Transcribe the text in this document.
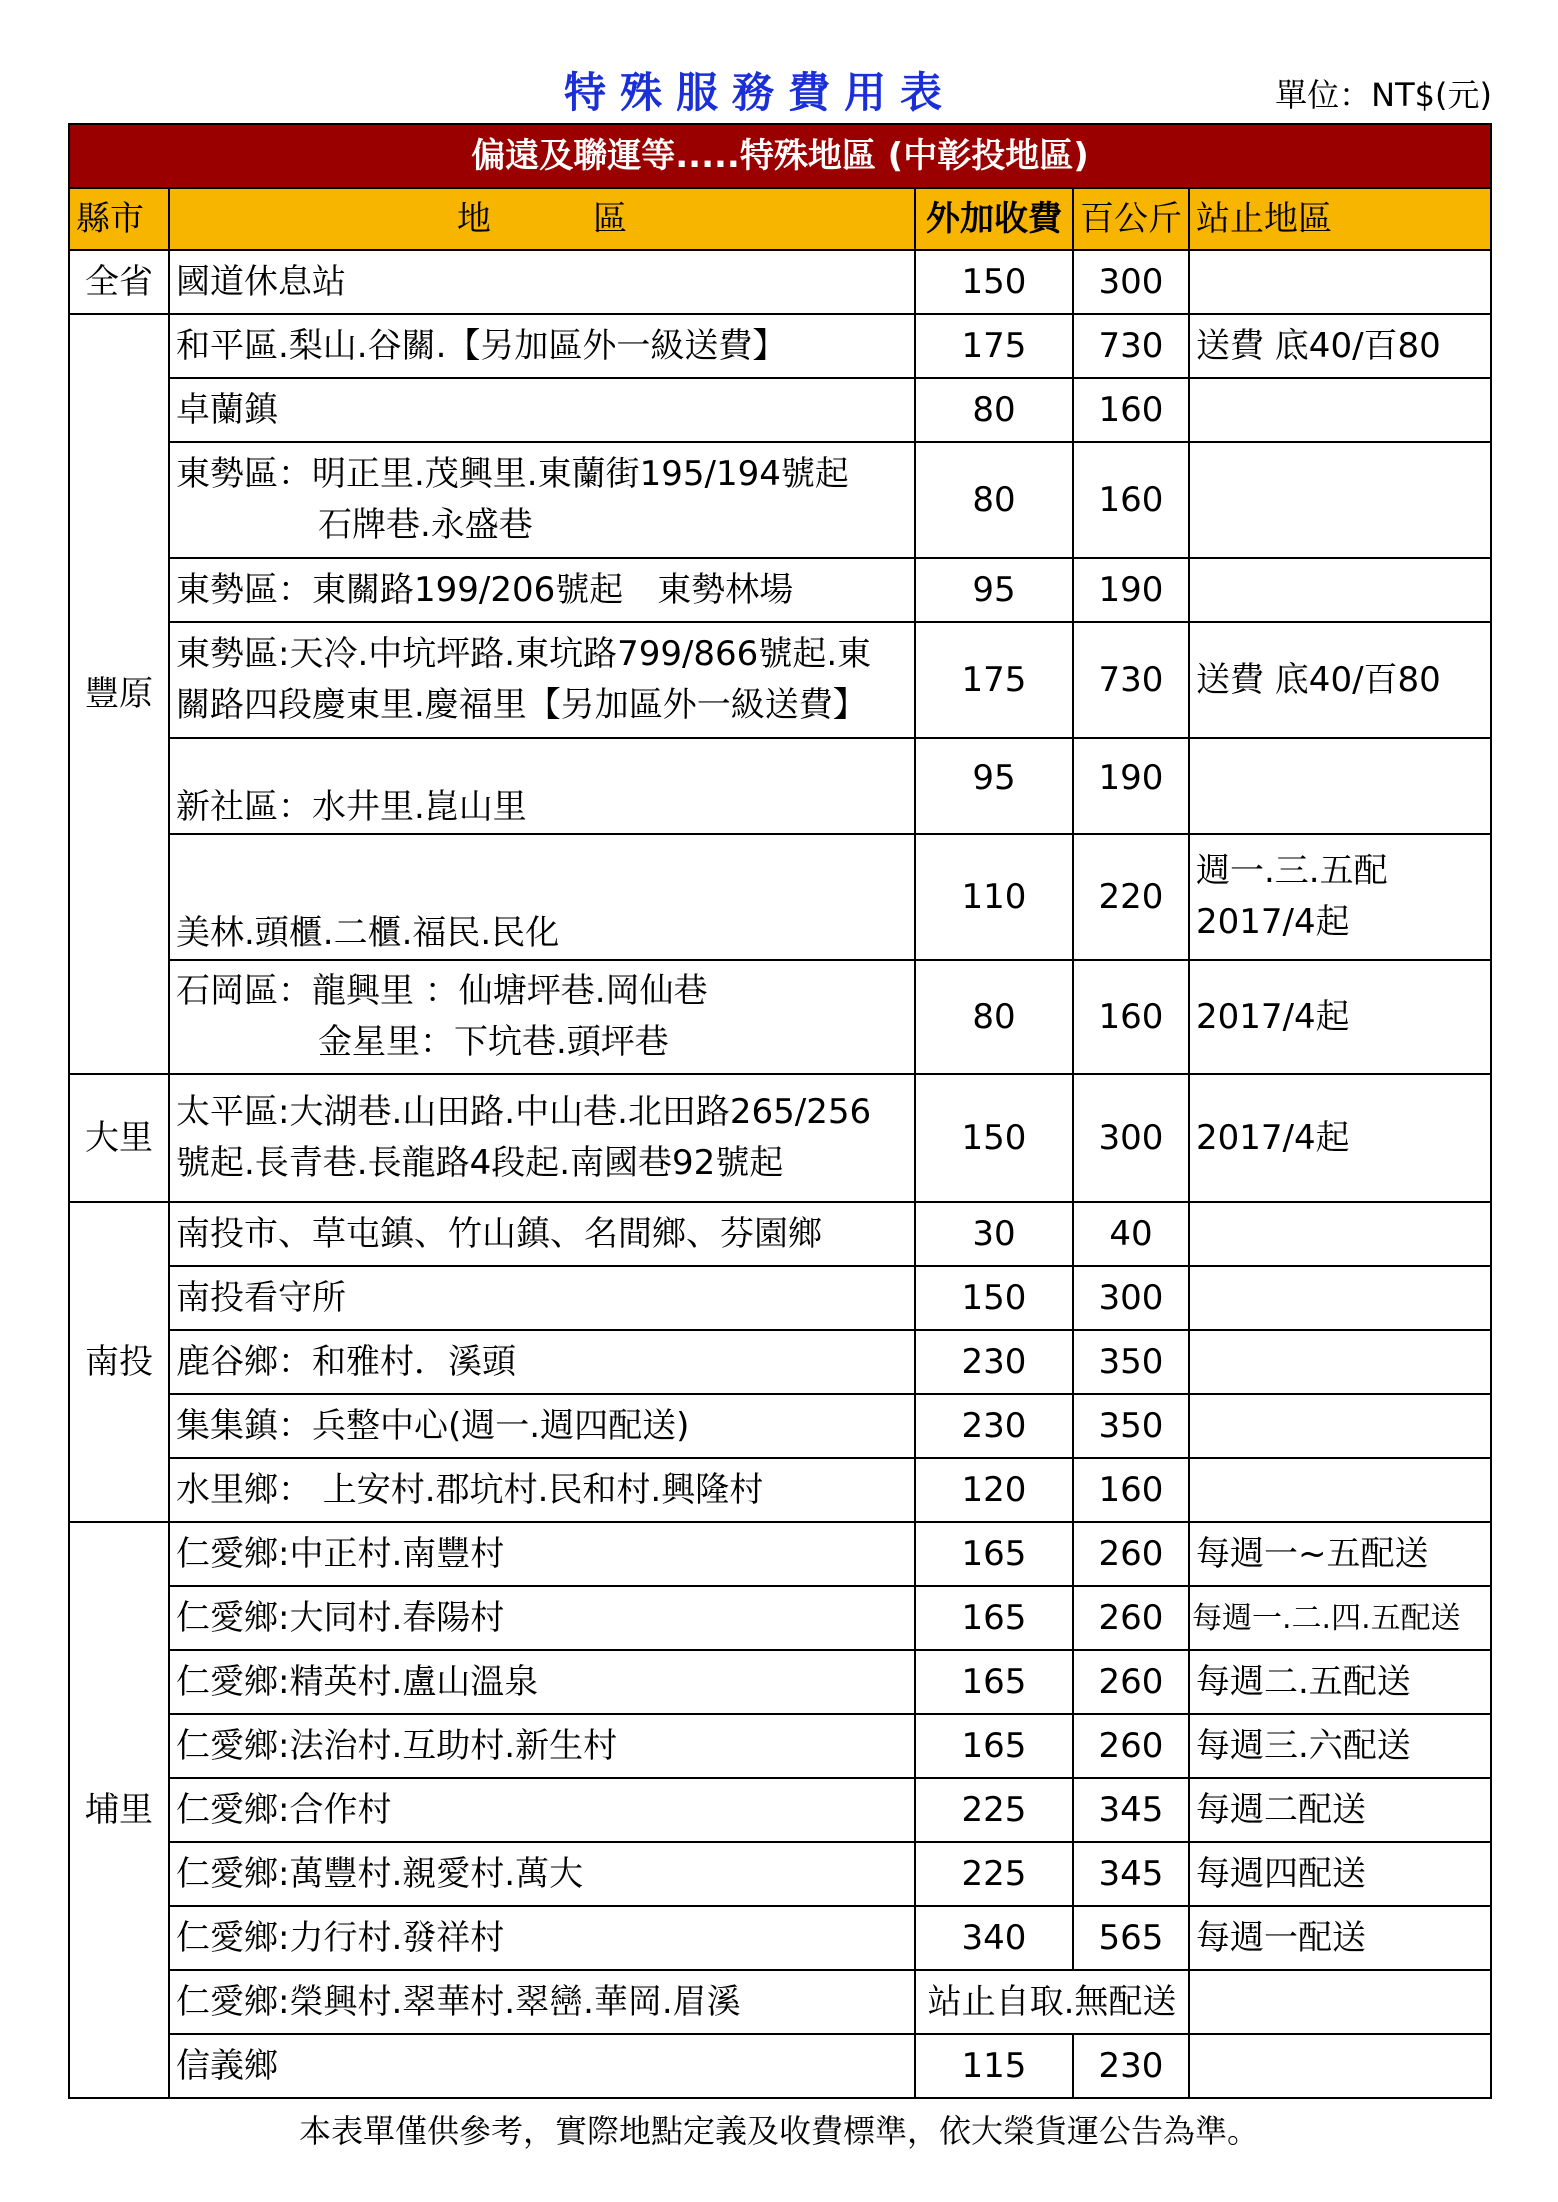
特殊服務費用表	單位：NT$(元)
偏遠及聯運等.....特殊地區 (中彰投地區)				
縣市	地　　　區	外加收費	百公斤	站止地區
全省	國道休息站	150	300	
豐原	和平區.梨山.谷關.【另加區外一級送費】	175	730	送費 底40/百80
	卓蘭鎮	80	160	

	東勢區：明正里.茂興里.東蘭街195/194號起
石牌巷.永盛巷	80	160	
	東勢區：東關路199/206號起　東勢林場	95	190	

	東勢區:天冷.中坑坪路.東坑路799/866號起.東
關路四段慶東里.慶福里【另加區外一級送費】	175	730	送費 底40/百80
	新社區：水井里.崑山里	95	190	
	美林.頭櫃.二櫃.福民.民化	110	220	週一.三.五配
2017/4起

	石岡區：龍興里 ：仙塘坪巷.岡仙巷
金星里：下坑巷.頭坪巷	80	160	2017/4起
大里	太平區:大湖巷.山田路.中山巷.北田路265/256
號起.長青巷.長龍路4段起.南國巷92號起	150	300	2017/4起
南投	南投市、草屯鎮、竹山鎮、名間鄉、芬園鄉	30	40	
	南投看守所	150	300	
	鹿谷鄉：和雅村．溪頭	230	350	
	集集鎮：兵整中心(週一.週四配送)	230	350	
	水里鄉： 上安村.郡坑村.民和村.興隆村	120	160	
埔里	仁愛鄉:中正村.南豐村	165	260	每週一~五配送
	仁愛鄉:大同村.春陽村	165	260	每週一.二.四.五配送
	仁愛鄉:精英村.盧山溫泉	165	260	每週二.五配送
	仁愛鄉:法治村.互助村.新生村	165	260	每週三.六配送
	仁愛鄉:合作村	225	345	每週二配送
	仁愛鄉:萬豐村.親愛村.萬大	225	345	每週四配送
	仁愛鄉:力行村.發祥村	340	565	每週一配送
	仁愛鄉:榮興村.翠華村.翠巒.華岡.眉溪	站止自取.無配送		
	信義鄉	115	230	
本表單僅供參考，實際地點定義及收費標準，依大榮貨運公告為準。
